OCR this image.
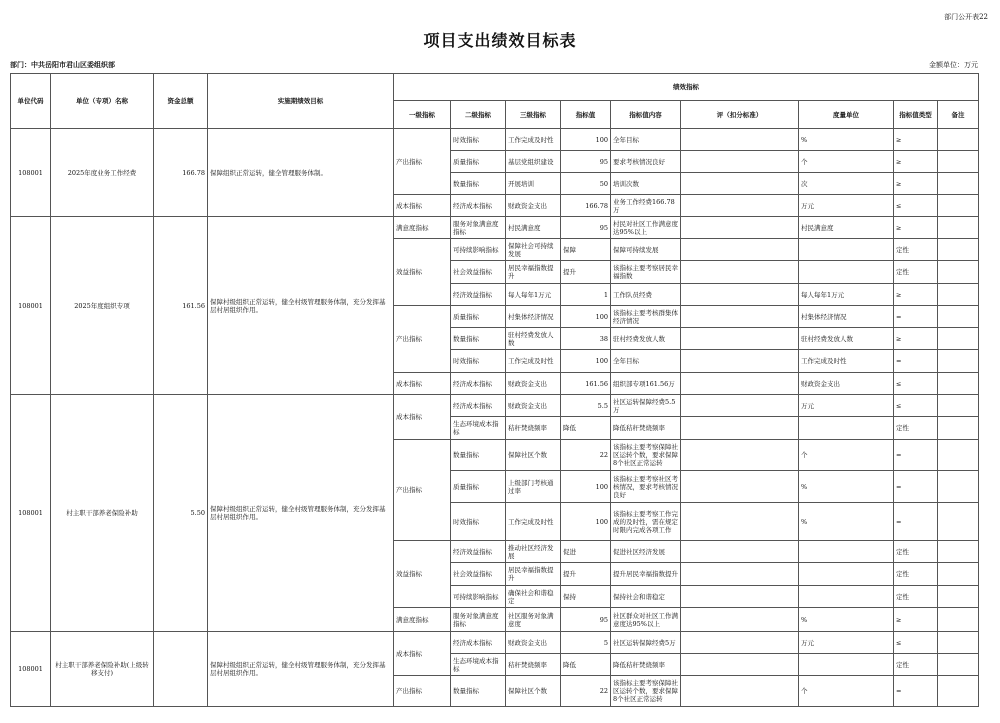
部门公开表22
项目支出绩效目标表
部门：中共岳阳市君山区委组织部	金额单位：万元
单位代码	单位（专项）名称	资金总额	实施期绩效目标	绩效指标								
				一级指标	二级指标	三级指标	指标值	指标值内容	评（扣分标准）	度量单位	指标值类型	备注
108001	2025年度业务工作经费	166.78	保障组织正常运转，健全管理服务体制。	产出指标	时效指标	工作完成及时性	100	全年目标		%	≥	
					质量指标	基层党组织建设	95	要求考核情况良好		个	≥	
					数量指标	开展培训	50	培训次数		次	≥	
				成本指标	经济成本指标	财政资金支出	166.78	业务工作经费166.78万		万元	≤	
108001	2025年度组织专项	161.56	保障村级组织正常运转，健全村级管理服务体制，充分发挥基层村居组织作用。	满意度指标	服务对象满意度指标	村民满意度	95	村民对社区工作满意度达95%以上		村民满意度	≥	
				效益指标	可持续影响指标	保障社会可持续发展	保障	保障可持续发展			定性	
					社会效益指标	居民幸福指数提升	提升	该指标主要考察居民幸福指数			定性	
					经济效益指标	每人每年1万元	1	工作队员经费		每人每年1万元	≥	
				产出指标	质量指标	村集体经济情况	100	该指标主要考核群集体经济情况		村集体经济情况	=	
					数量指标	驻村经费发放人数	38	驻村经费发放人数		驻村经费发放人数	≥	
					时效指标	工作完成及时性	100	全年目标		工作完成及时性	=	
				成本指标	经济成本指标	财政资金支出	161.56	组织部专项161.56万		财政资金支出	≤	
108001	村主职干部养老保险补助	5.50	保障村级组织正常运转，健全村级管理服务体制，充分发挥基层村居组织作用。	成本指标	经济成本指标	财政资金支出	5.5	社区运转保障经费5.5万		万元	≤	
					生态环境成本指标	秸秆焚烧频率	降低	降低秸秆焚烧频率			定性	
				产出指标	数量指标	保障社区个数	22	该指标主要考察保障社区运转个数，要求保障8个社区正常运转		个	=	
					质量指标	上级部门考核通过率	100	该指标主要考察社区考核情况，要求考核情况良好		%	=	
					时效指标	工作完成及时性	100	该指标主要考察工作完成的及时性，需在规定时限内完成各项工作		%	=	
				效益指标	经济效益指标	推动社区经济发展	促进	促进社区经济发展			定性	
					社会效益指标	居民幸福指数提升	提升	提升居民幸福指数提升			定性	
					可持续影响指标	确保社会和谐稳定	保持	保持社会和谐稳定			定性	
				满意度指标	服务对象满意度指标	社区服务对象满意度	95	社区群众对社区工作满意度达95%以上		%	≥	
108001	村主职干部养老保险补助(上级转移支付)		保障村级组织正常运转，健全村级管理服务体制，充分发挥基层村居组织作用。	成本指标	经济成本指标	财政资金支出	5	社区运转保障经费5万		万元	≤	
					生态环境成本指标	秸秆焚烧频率	降低	降低秸秆焚烧频率			定性	
				产出指标	数量指标	保障社区个数	22	该指标主要考察保障社区运转个数，要求保障8个社区正常运转		个	=	
